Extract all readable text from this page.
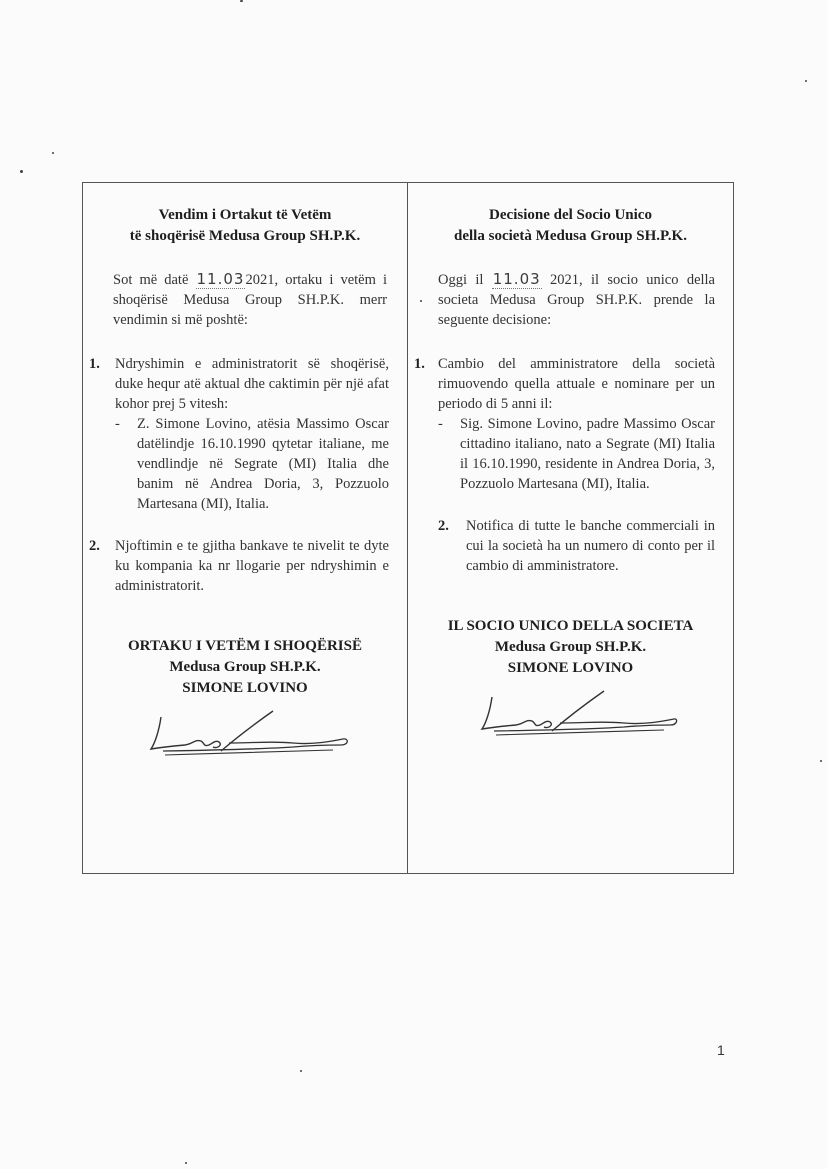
Vendim i Ortakut të Vetëm
të shoqërisë Medusa Group SH.P.K.
Sot më datë 11.032021, ortaku i vetëm i shoqërisë Medusa Group SH.P.K. merr vendimin si më poshtë:
1. Ndryshimin e administratorit së shoqërisë, duke hequr atë aktual dhe caktimin për një afat kohor prej 5 vitesh:
- Z. Simone Lovino, atësia Massimo Oscar datëlindje 16.10.1990 qytetar italiane, me vendlindje në Segrate (MI) Italia dhe banim në Andrea Doria, 3, Pozzuolo Martesana (MI), Italia.
2. Njoftimin e te gjitha bankave te nivelit te dyte ku kompania ka nr llogarie per ndryshimin e administratorit.
ORTAKU I VETËM I SHOQËRISË
Medusa Group SH.P.K.
SIMONE LOVINO
Decisione del Socio Unico
della società Medusa Group SH.P.K.
Oggi il 11.03 2021, il socio unico della societa Medusa Group SH.P.K. prende la seguente decisione:
1. Cambio del amministratore della società rimuovendo quella attuale e nominare per un periodo di 5 anni il:
- Sig. Simone Lovino, padre Massimo Oscar cittadino italiano, nato a Segrate (MI) Italia il 16.10.1990, residente in Andrea Doria, 3, Pozzuolo Martesana (MI), Italia.
2. Notifica di tutte le banche commerciali in cui la società ha un numero di conto per il cambio di amministratore.
IL SOCIO UNICO DELLA SOCIETA
Medusa Group SH.P.K.
SIMONE LOVINO
1
